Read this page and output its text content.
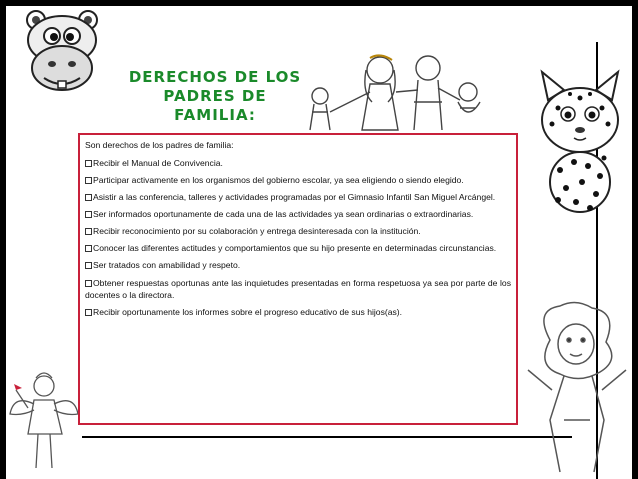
DERECHOS DE LOS
PADRES DE
FAMILIA:

Son derechos de los padres de familia:

Recibir el Manual de Convivencia.

Participar activamente en los organismos del gobierno escolar, ya sea eligiendo o siendo elegido.

Asistir a las conferencia, talleres y actividades programadas por el Gimnasio Infantil San Miguel Arcángel.

Ser informados oportunamente de cada una de las actividades ya sean ordinarias o extraordinarias.

Recibir reconocimiento por su colaboración y entrega desinteresada con la institución.

Conocer las diferentes actitudes y comportamientos que su hijo presente en determinadas circunstancias.

Ser tratados con amabilidad y respeto.

Obtener respuestas oportunas ante las inquietudes presentadas en forma respetuosa ya sea por parte de los docentes o la directora.

Recibir oportunamente los informes sobre el progreso educativo de sus hijos(as).
